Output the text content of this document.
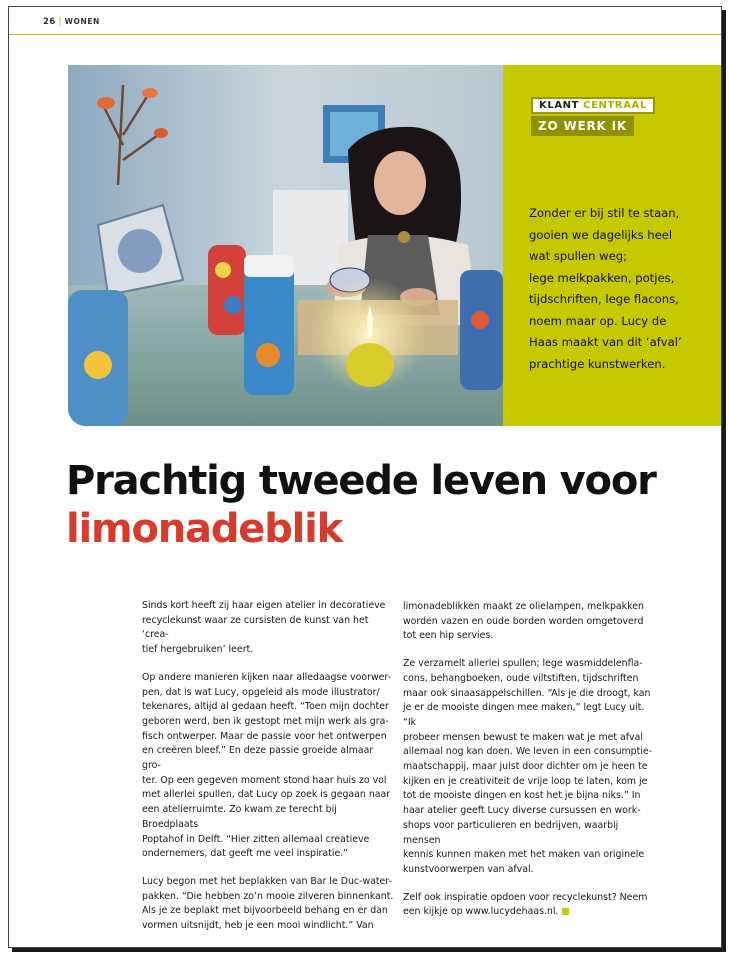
26 | WONEN
KLANT CENTRAAL
ZO WERK IK
Zonder er bij stil te staan,
gooien we dagelijks heel
wat spullen weg;
lege melkpakken, potjes,
tijdschriften, lege flacons,
noem maar op. Lucy de
Haas maakt van dit ‘afval’
prachtige kunstwerken.
Prachtig tweede leven voor
limonadeblik

Sinds kort heeft zij haar eigen atelier in decoratieve
recyclekunst waar ze cursisten de kunst van het ‘crea-
tief hergebruiken’ leert.

Op andere manieren kijken naar alledaagse voorwer-
pen, dat is wat Lucy, opgeleid als mode illustrator/
tekenares, altijd al gedaan heeft. “Toen mijn dochter
geboren werd, ben ik gestopt met mijn werk als gra-
fisch ontwerper. Maar de passie voor het ontwerpen
en creëren bleef.” En deze passie groeide almaar gro-
ter. Op een gegeven moment stond haar huis zo vol
met allerlei spullen, dat Lucy op zoek is gegaan naar
een atelierruimte. Zo kwam ze terecht bij Broedplaats
Poptahof in Delft. “Hier zitten allemaal creatieve
ondernemers, dat geeft me veel inspiratie.”

Lucy begon met het beplakken van Bar le Duc-water-
pakken. “Die hebben zo’n mooie zilveren binnenkant.
Als je ze beplakt met bijvoorbeeld behang en er dan
vormen uitsnijdt, heb je een mooi windlicht.” Van

limonadeblikken maakt ze olielampen, melkpakken
worden vazen en oude borden worden omgetoverd
tot een hip servies.

Ze verzamelt allerlei spullen; lege wasmiddelenfla-
cons, behangboeken, oude viltstiften, tijdschriften
maar ook sinaasappelschillen. “Als je die droogt, kan
je er de mooiste dingen mee maken,” legt Lucy uit. “Ik
probeer mensen bewust te maken wat je met afval
allemaal nog kan doen. We leven in een consumptie-
maatschappij, maar juist door dichter om je heen te
kijken en je creativiteit de vrije loop te laten, kom je
tot de mooiste dingen en kost het je bijna niks.” In
haar atelier geeft Lucy diverse cursussen en work-
shops voor particulieren en bedrijven, waarbij mensen
kennis kunnen maken met het maken van originele
kunstvoorwerpen van afval.

Zelf ook inspiratie opdoen voor recyclekunst? Neem
een kijkje op www.lucydehaas.nl.
